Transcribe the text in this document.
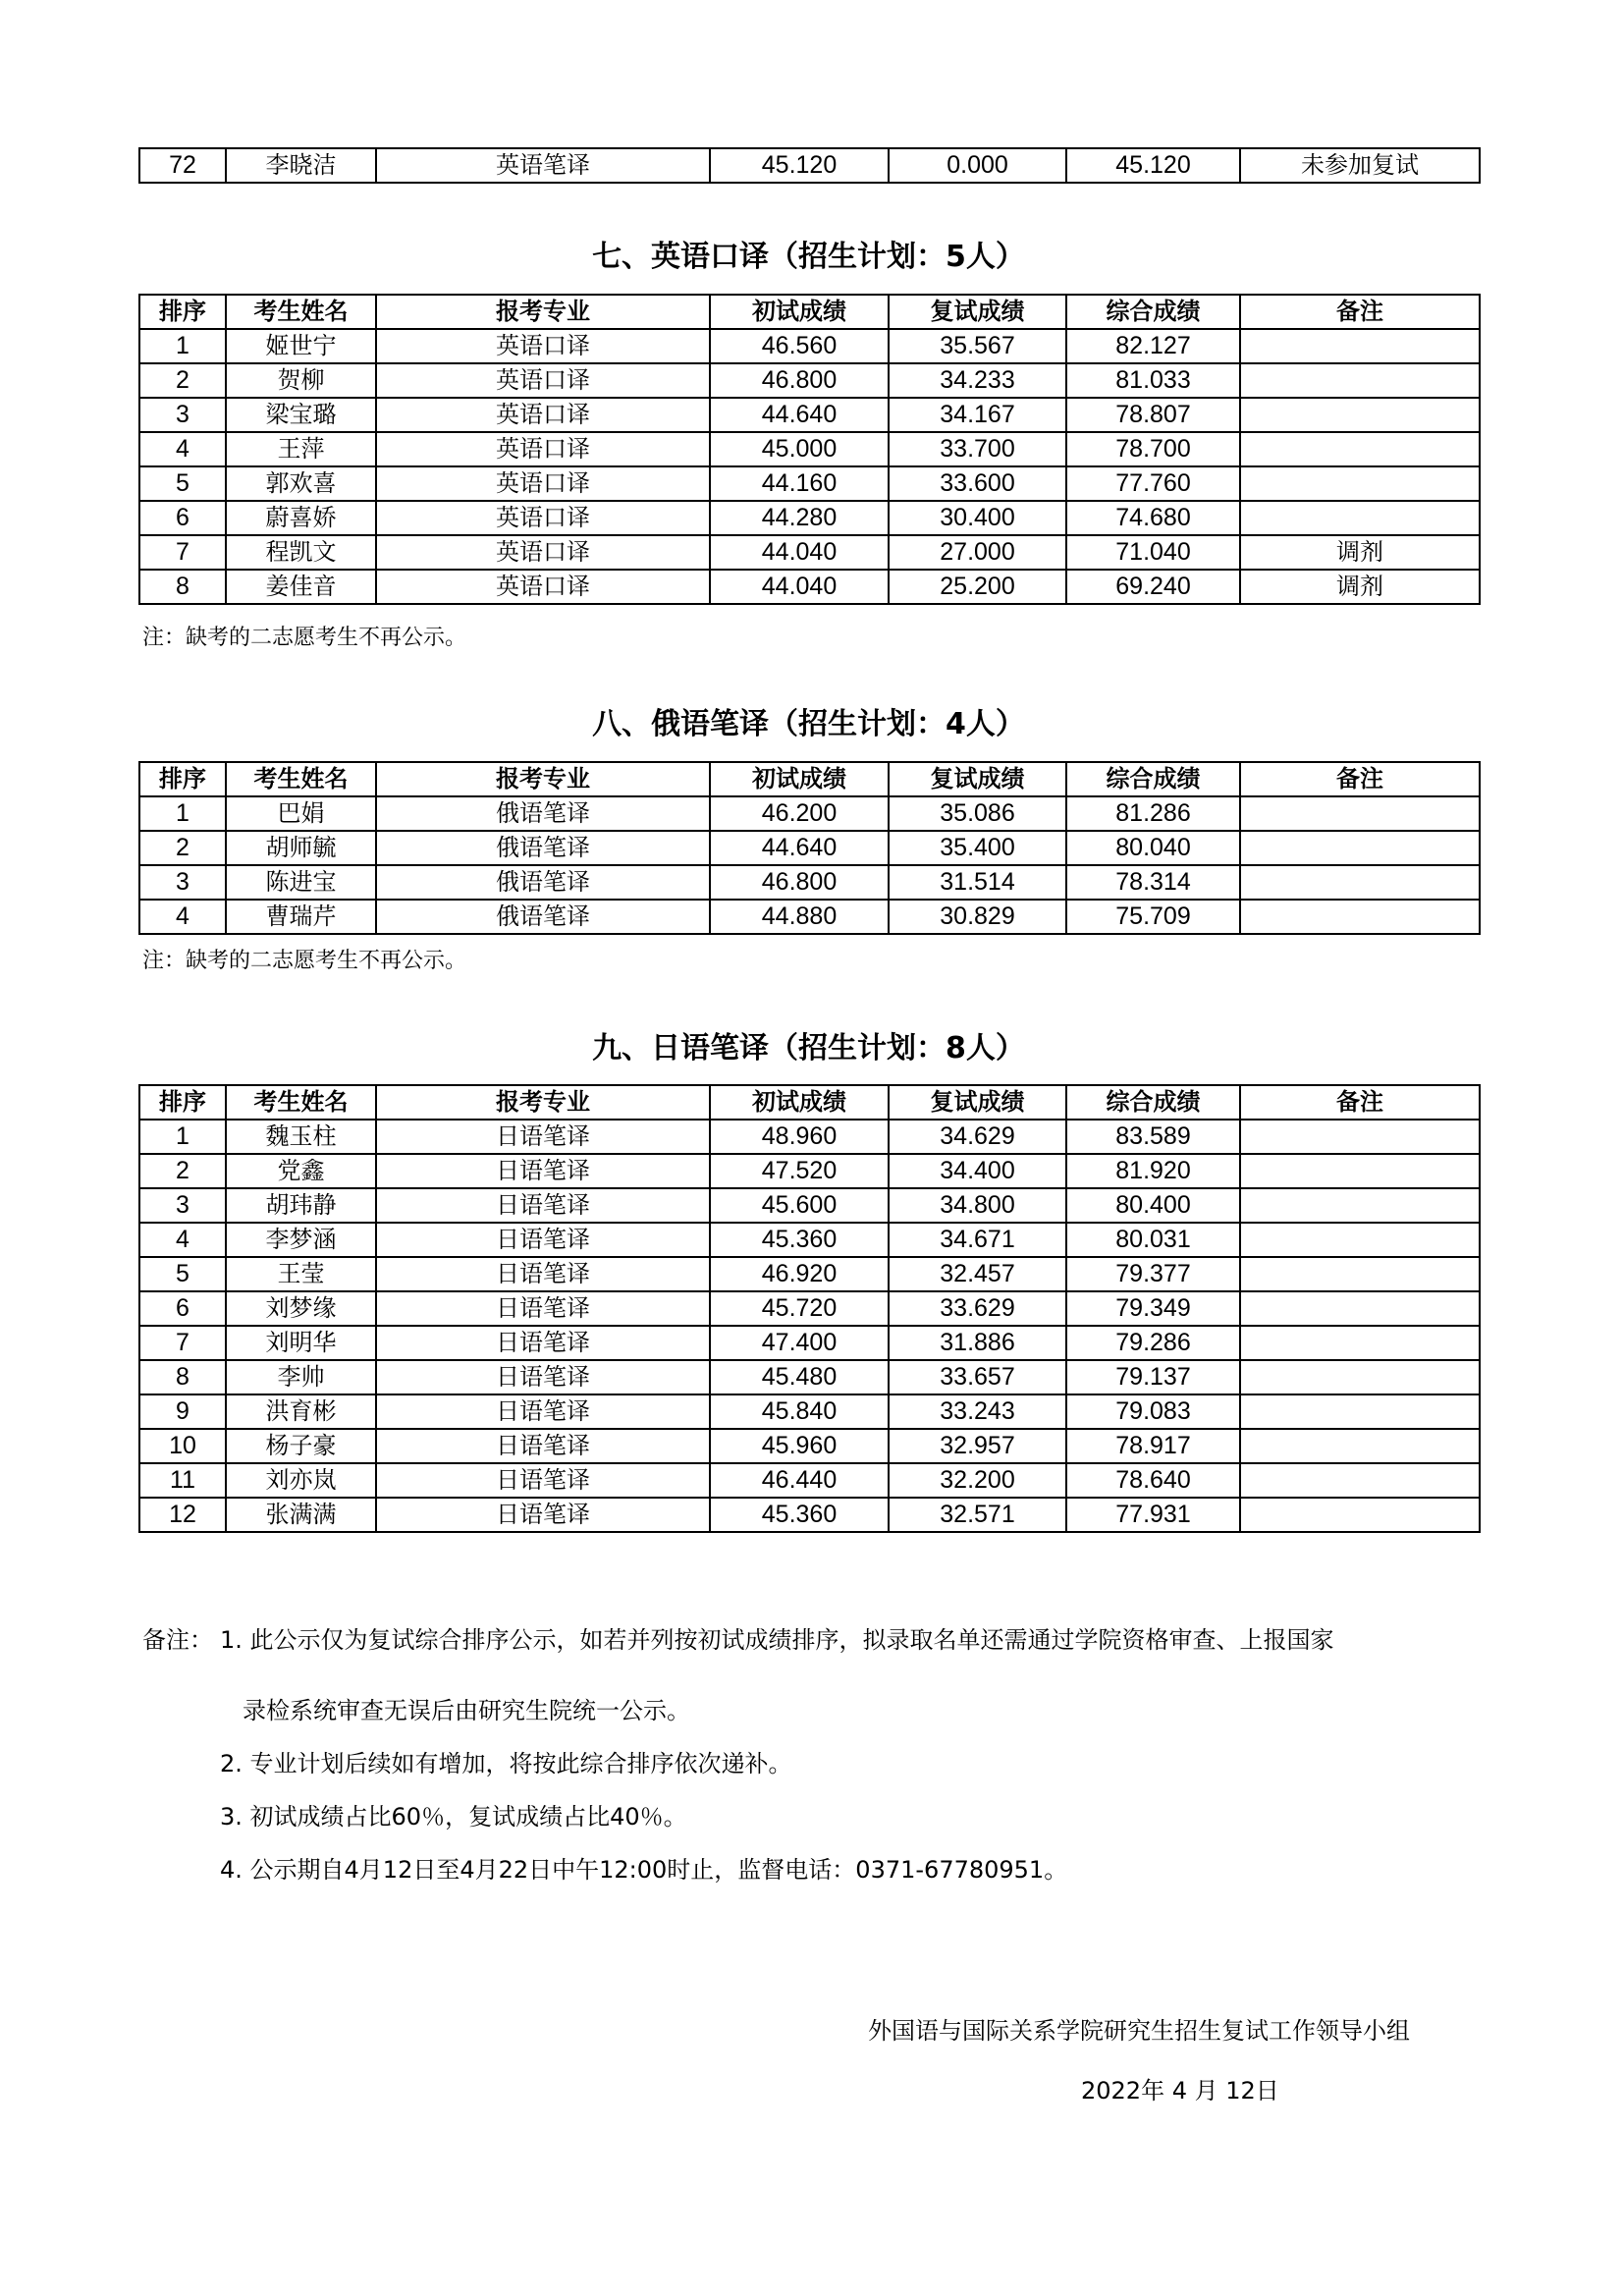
72	李晓洁	英语笔译	45.120	0.000	45.120	未参加复试
七、英语口译（招生计划：5人）
排序	考生姓名	报考专业	初试成绩	复试成绩	综合成绩	备注
1	姬世宁	英语口译	46.560	35.567	82.127	
2	贺柳	英语口译	46.800	34.233	81.033	
3	梁宝璐	英语口译	44.640	34.167	78.807	
4	王萍	英语口译	45.000	33.700	78.700	
5	郭欢喜	英语口译	44.160	33.600	77.760	
6	蔚喜娇	英语口译	44.280	30.400	74.680	
7	程凯文	英语口译	44.040	27.000	71.040	调剂
8	姜佳音	英语口译	44.040	25.200	69.240	调剂
注：缺考的二志愿考生不再公示。
八、俄语笔译（招生计划：4人）
排序	考生姓名	报考专业	初试成绩	复试成绩	综合成绩	备注
1	巴娟	俄语笔译	46.200	35.086	81.286	
2	胡师毓	俄语笔译	44.640	35.400	80.040	
3	陈进宝	俄语笔译	46.800	31.514	78.314	
4	曹瑞芹	俄语笔译	44.880	30.829	75.709	
注：缺考的二志愿考生不再公示。
九、日语笔译（招生计划：8人）
排序	考生姓名	报考专业	初试成绩	复试成绩	综合成绩	备注
1	魏玉柱	日语笔译	48.960	34.629	83.589	
2	党鑫	日语笔译	47.520	34.400	81.920	
3	胡玮静	日语笔译	45.600	34.800	80.400	
4	李梦涵	日语笔译	45.360	34.671	80.031	
5	王莹	日语笔译	46.920	32.457	79.377	
6	刘梦缘	日语笔译	45.720	33.629	79.349	
7	刘明华	日语笔译	47.400	31.886	79.286	
8	李帅	日语笔译	45.480	33.657	79.137	
9	洪育彬	日语笔译	45.840	33.243	79.083	
10	杨子豪	日语笔译	45.960	32.957	78.917	
11	刘亦岚	日语笔译	46.440	32.200	78.640	
12	张满满	日语笔译	45.360	32.571	77.931	
备注： 1. 此公示仅为复试综合排序公示，如若并列按初试成绩排序，拟录取名单还需通过学院资格审查、上报国家
录检系统审查无误后由研究生院统一公示。
2. 专业计划后续如有增加，将按此综合排序依次递补。
3. 初试成绩占比60％，复试成绩占比40％。
4. 公示期自4月12日至4月22日中午12:00时止，监督电话：0371-67780951。
外国语与国际关系学院研究生招生复试工作领导小组
2022年 4 月 12日
